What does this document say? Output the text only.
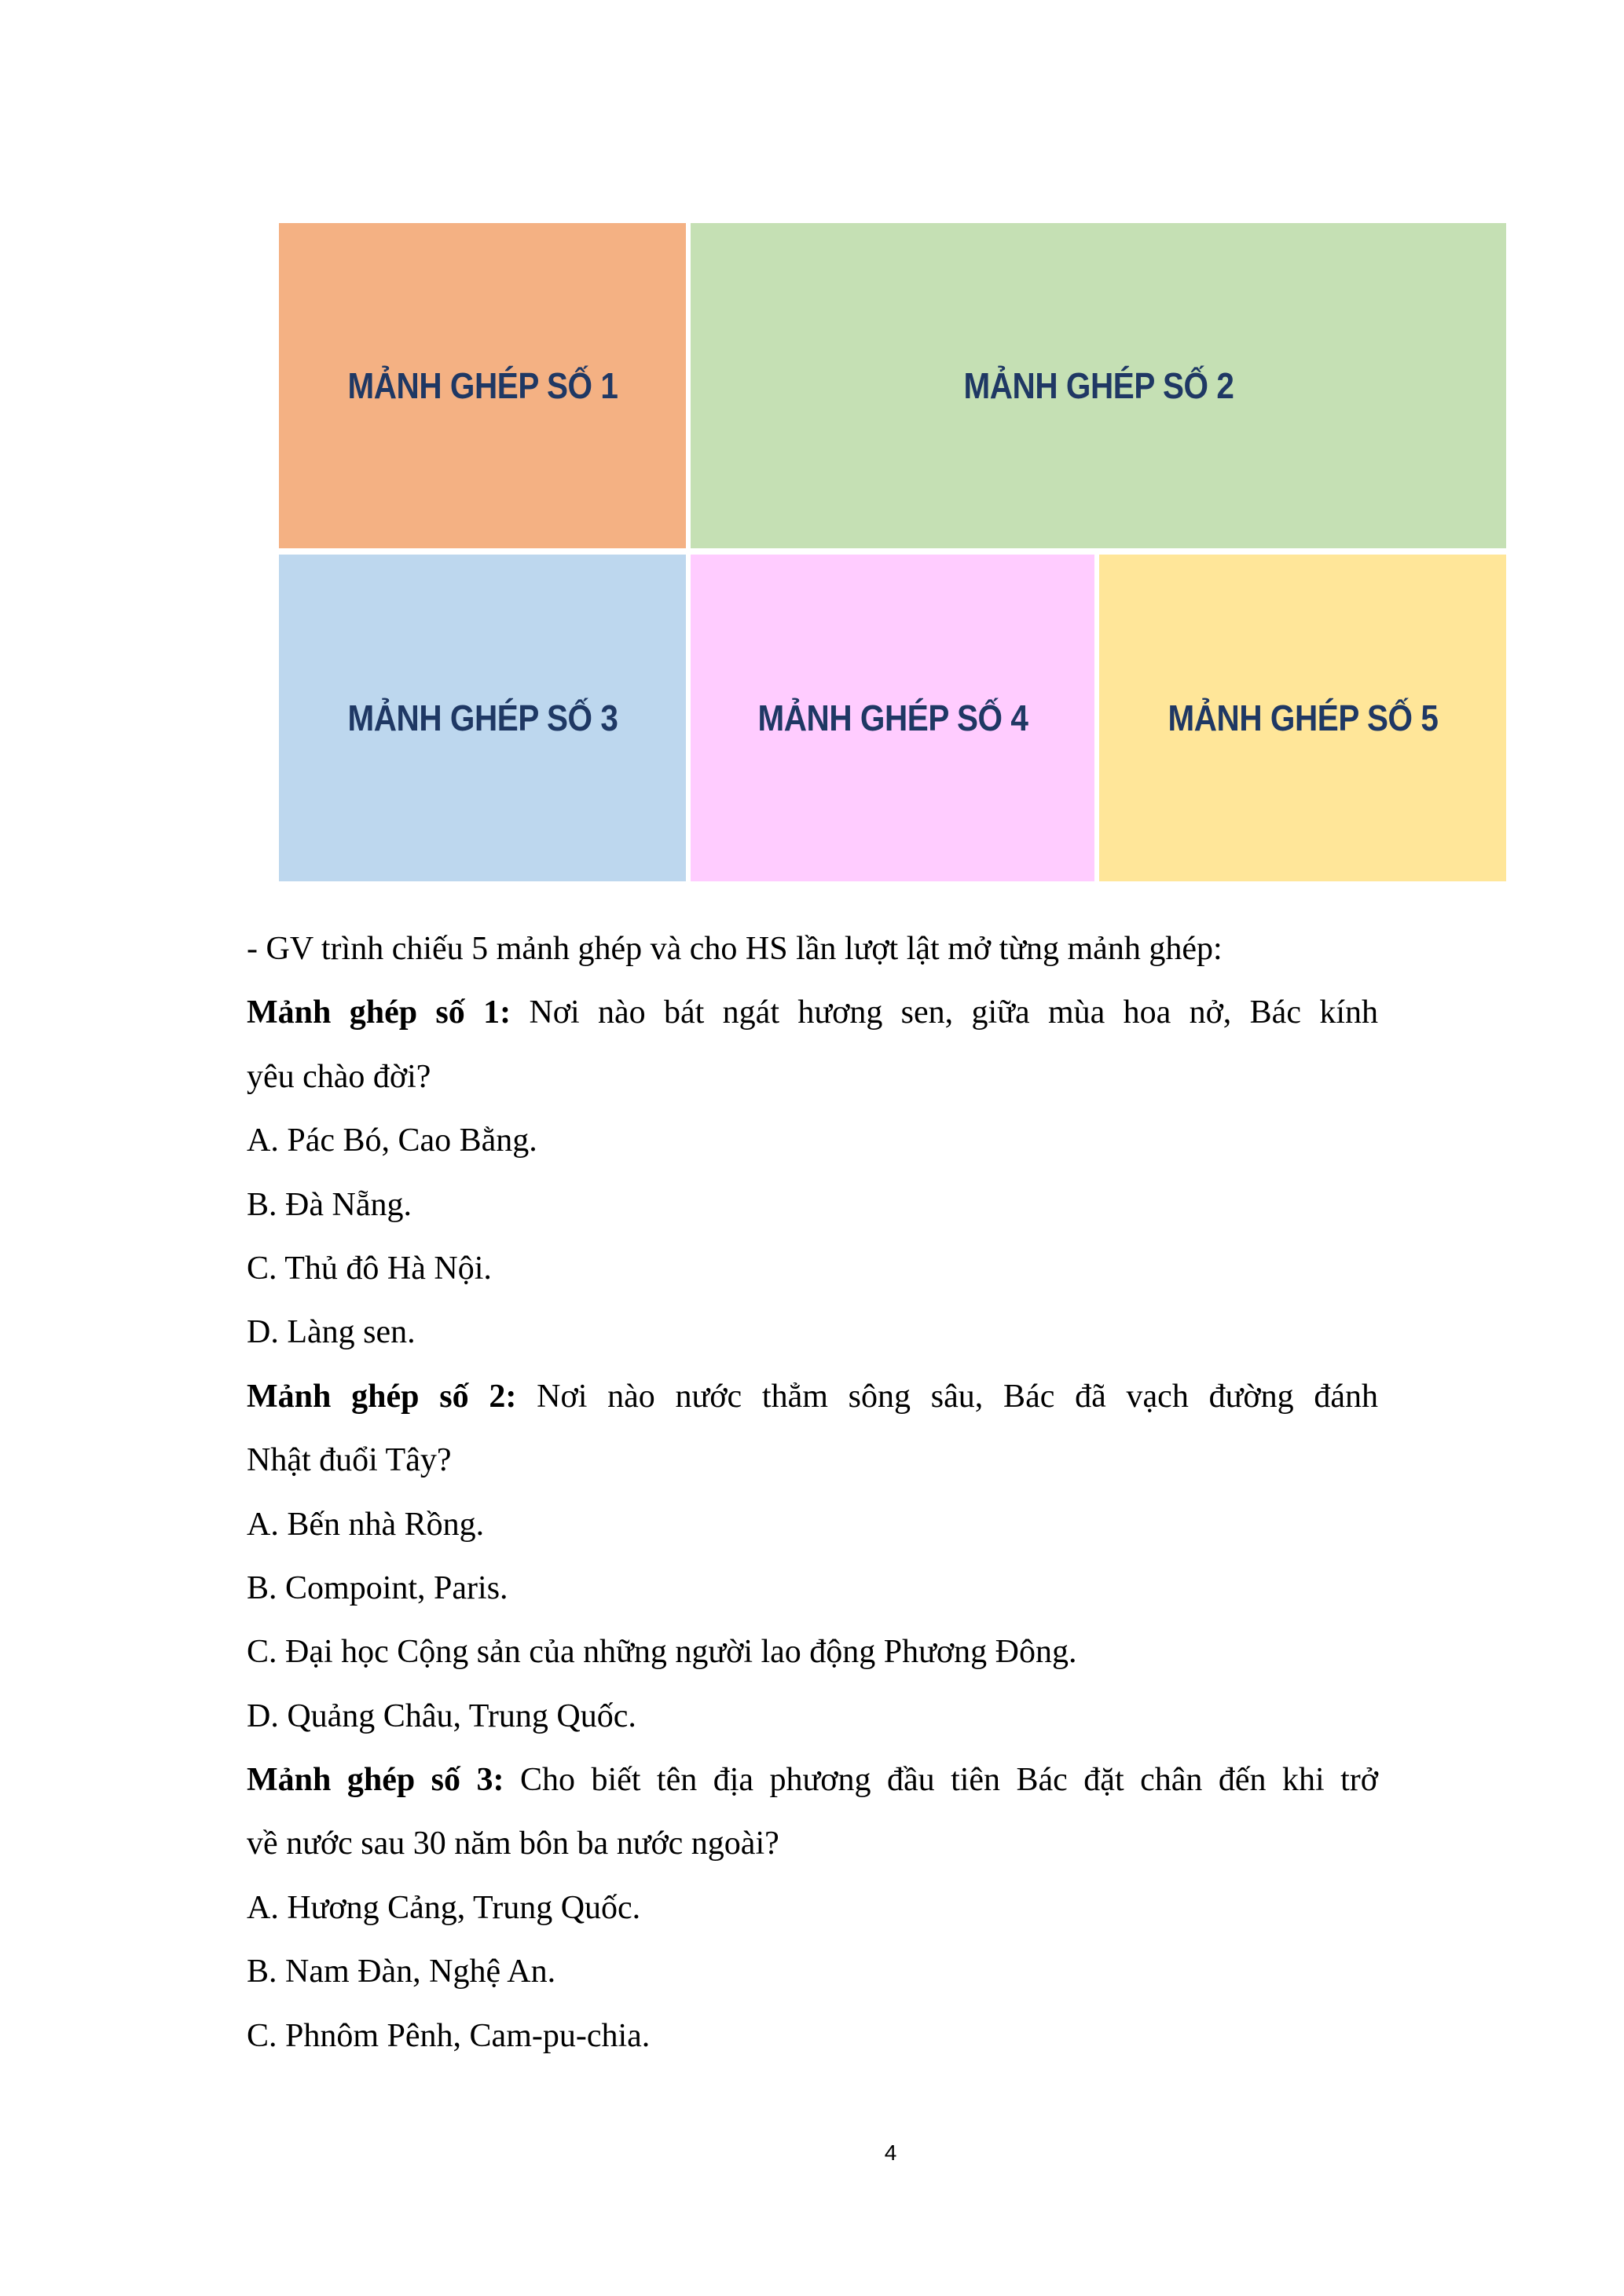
MẢNH GHÉP SỐ 1	MẢNH GHÉP SỐ 2
MẢNH GHÉP SỐ 3	MẢNH GHÉP SỐ 4	MẢNH GHÉP SỐ 5
- GV trình chiếu 5 mảnh ghép và cho HS lần lượt lật mở từng mảnh ghép:
Mảnh ghép số 1: Nơi nào bát ngát hương sen, giữa mùa hoa nở, Bác kính
yêu chào đời?
A. Pác Bó, Cao Bằng.
B. Đà Nẵng.
C. Thủ đô Hà Nội.
D. Làng sen.
Mảnh ghép số 2: Nơi nào nước thẳm sông sâu, Bác đã vạch đường đánh
Nhật đuổi Tây?
A. Bến nhà Rồng.
B. Compoint, Paris.
C. Đại học Cộng sản của những người lao động Phương Đông.
D. Quảng Châu, Trung Quốc.
Mảnh ghép số 3: Cho biết tên địa phương đầu tiên Bác đặt chân đến khi trở
về nước sau 30 năm bôn ba nước ngoài?
A. Hương Cảng, Trung Quốc.
B. Nam Đàn, Nghệ An.
C. Phnôm Pênh, Cam-pu-chia.
4
